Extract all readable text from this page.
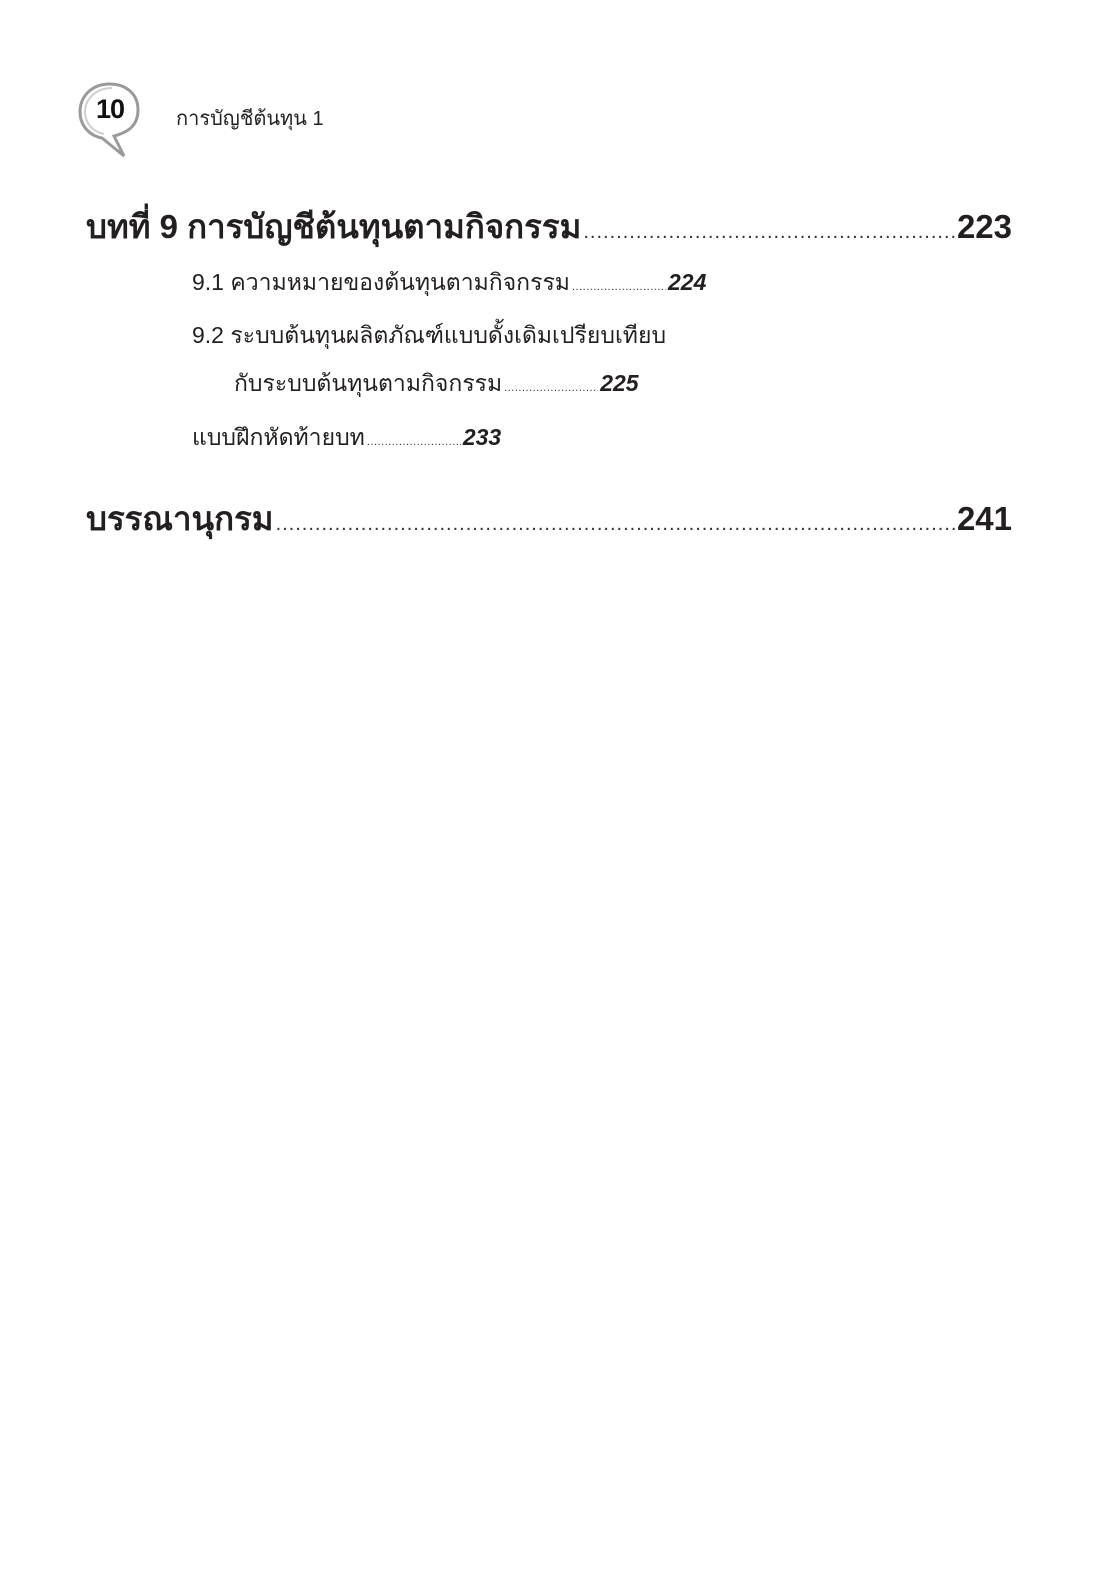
10	การบัญชีต้นทุน 1
บทที่ 9 การบัญชีต้นทุนตามกิจกรรม .....	223
9.1 ความหมายของต้นทุนตามกิจกรรม .....	224
9.2 ระบบต้นทุนผลิตภัณฑ์แบบดั้งเดิมเปรียบเทียบ
กับระบบต้นทุนตามกิจกรรม .....	225
แบบฝึกหัดท้ายบท .....	233
บรรณานุกรม .....	241
